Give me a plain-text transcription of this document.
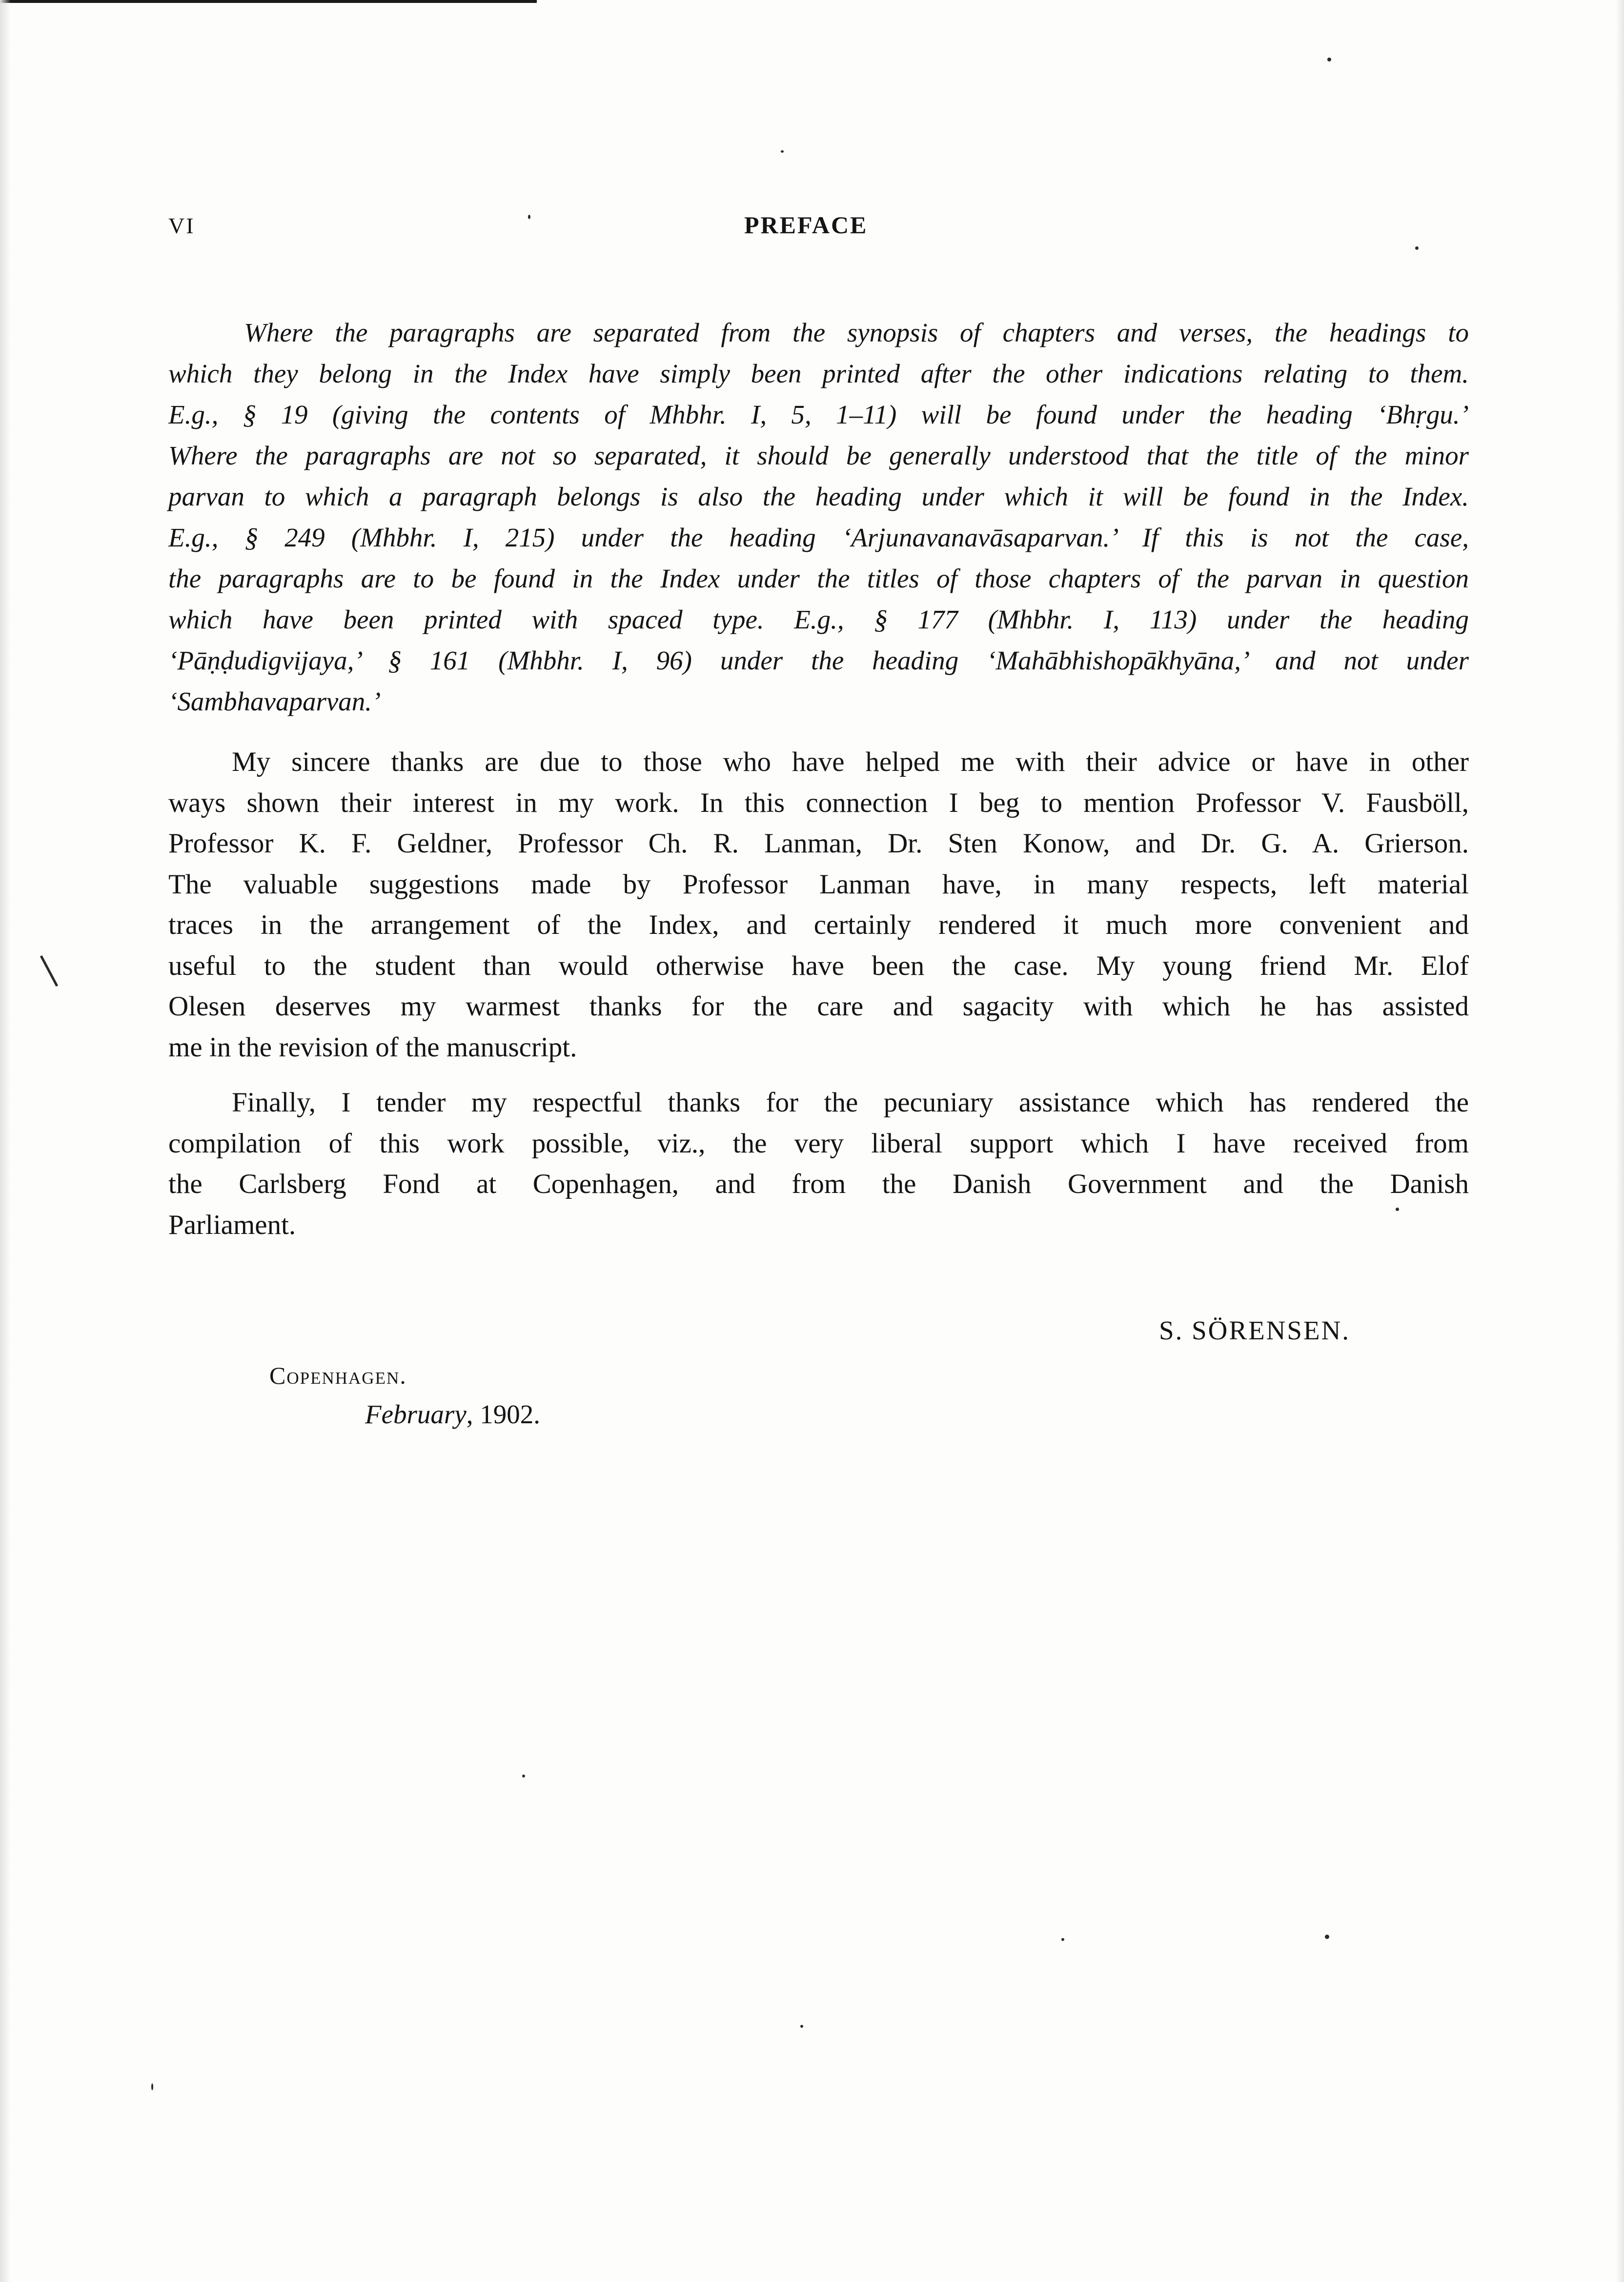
VI	PREFACE
Where the paragraphs are separated from the synopsis of chapters and verses, the headings to
which they belong in the Index have simply been printed after the other indications relating to them.
E.g., § 19 (giving the contents of Mhbhr. I, 5, 1–11) will be found under the heading ‘Bhṛgu.’
Where the paragraphs are not so separated, it should be generally understood that the title of the minor
parvan to which a paragraph belongs is also the heading under which it will be found in the Index.
E.g., § 249 (Mhbhr. I, 215) under the heading ‘Arjunavanavāsaparvan.’ If this is not the case,
the paragraphs are to be found in the Index under the titles of those chapters of the parvan in question
which have been printed with spaced type. E.g., § 177 (Mhbhr. I, 113) under the heading
‘Pāṇḍudigvijaya,’ § 161 (Mhbhr. I, 96) under the heading ‘Mahābhishopākhyāna,’ and not under
‘Sambhavaparvan.’
My sincere thanks are due to those who have helped me with their advice or have in other
ways shown their interest in my work. In this connection I beg to mention Professor V. Fausböll,
Professor K. F. Geldner, Professor Ch. R. Lanman, Dr. Sten Konow, and Dr. G. A. Grierson.
The valuable suggestions made by Professor Lanman have, in many respects, left material
traces in the arrangement of the Index, and certainly rendered it much more convenient and
useful to the student than would otherwise have been the case. My young friend Mr. Elof
Olesen deserves my warmest thanks for the care and sagacity with which he has assisted
me in the revision of the manuscript.
Finally, I tender my respectful thanks for the pecuniary assistance which has rendered the
compilation of this work possible, viz., the very liberal support which I have received from
the Carlsberg Fond at Copenhagen, and from the Danish Government and the Danish
Parliament.
S. SÖRENSEN.
Copenhagen.
February, 1902.
